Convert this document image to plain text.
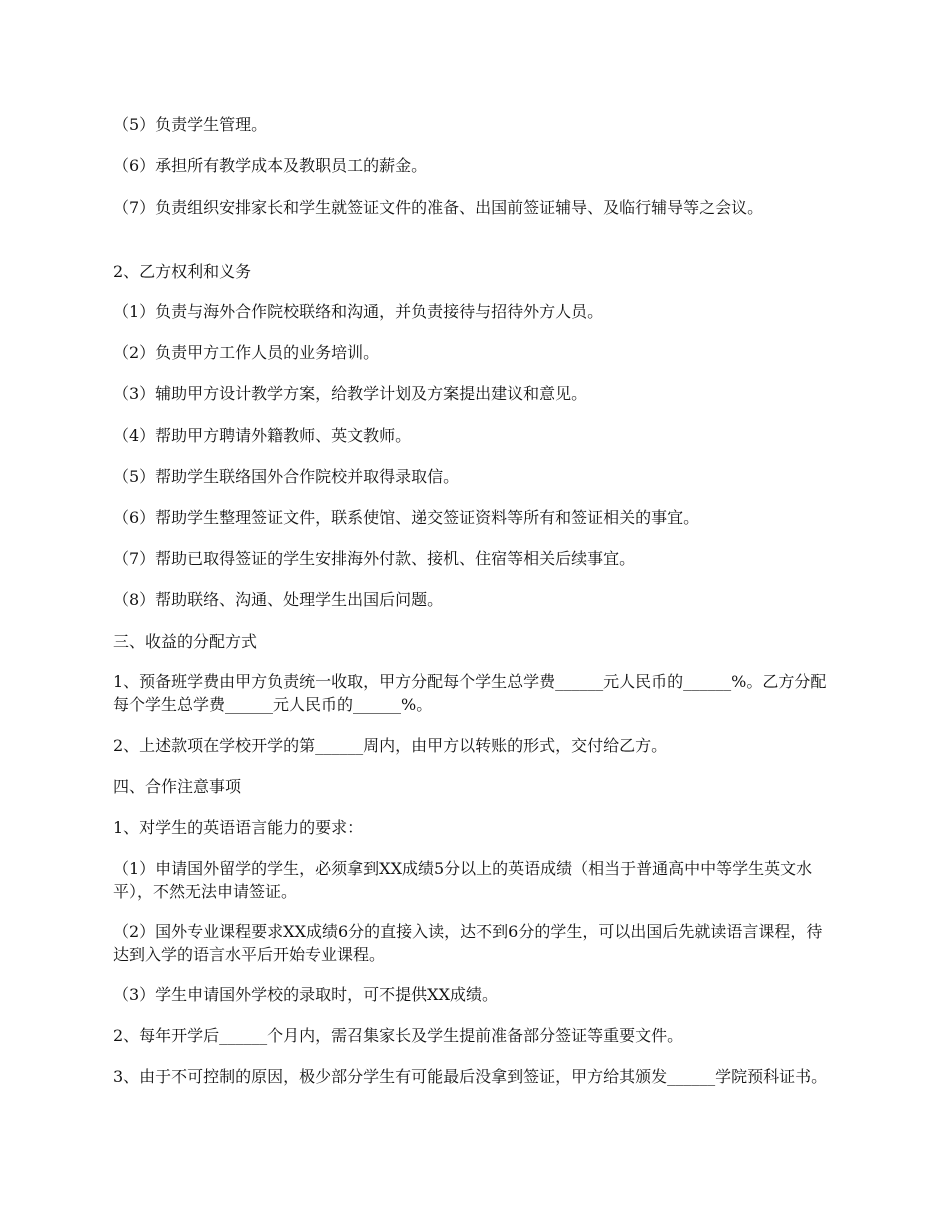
（5）负责学生管理。

（6）承担所有教学成本及教职员工的薪金。

（7）负责组织安排家长和学生就签证文件的准备、出国前签证辅导、及临行辅导等之会议。

2、乙方权利和义务

（1）负责与海外合作院校联络和沟通，并负责接待与招待外方人员。

（2）负责甲方工作人员的业务培训。

（3）辅助甲方设计教学方案，给教学计划及方案提出建议和意见。

（4）帮助甲方聘请外籍教师、英文教师。

（5）帮助学生联络国外合作院校并取得录取信。

（6）帮助学生整理签证文件，联系使馆、递交签证资料等所有和签证相关的事宜。

（7）帮助已取得签证的学生安排海外付款、接机、住宿等相关后续事宜。

（8）帮助联络、沟通、处理学生出国后问题。

三、收益的分配方式

1、预备班学费由甲方负责统一收取，甲方分配每个学生总学费______元人民币的______%。乙方分配每个学生总学费______元人民币的______%。

2、上述款项在学校开学的第______周内，由甲方以转账的形式，交付给乙方。

四、合作注意事项

1、对学生的英语语言能力的要求：

（1）申请国外留学的学生，必须拿到XX成绩5分以上的英语成绩（相当于普通高中中等学生英文水平），不然无法申请签证。

（2）国外专业课程要求XX成绩6分的直接入读，达不到6分的学生，可以出国后先就读语言课程，待达到入学的语言水平后开始专业课程。

（3）学生申请国外学校的录取时，可不提供XX成绩。

2、每年开学后______个月内，需召集家长及学生提前准备部分签证等重要文件。

3、由于不可控制的原因，极少部分学生有可能最后没拿到签证，甲方给其颁发______学院预科证书。
